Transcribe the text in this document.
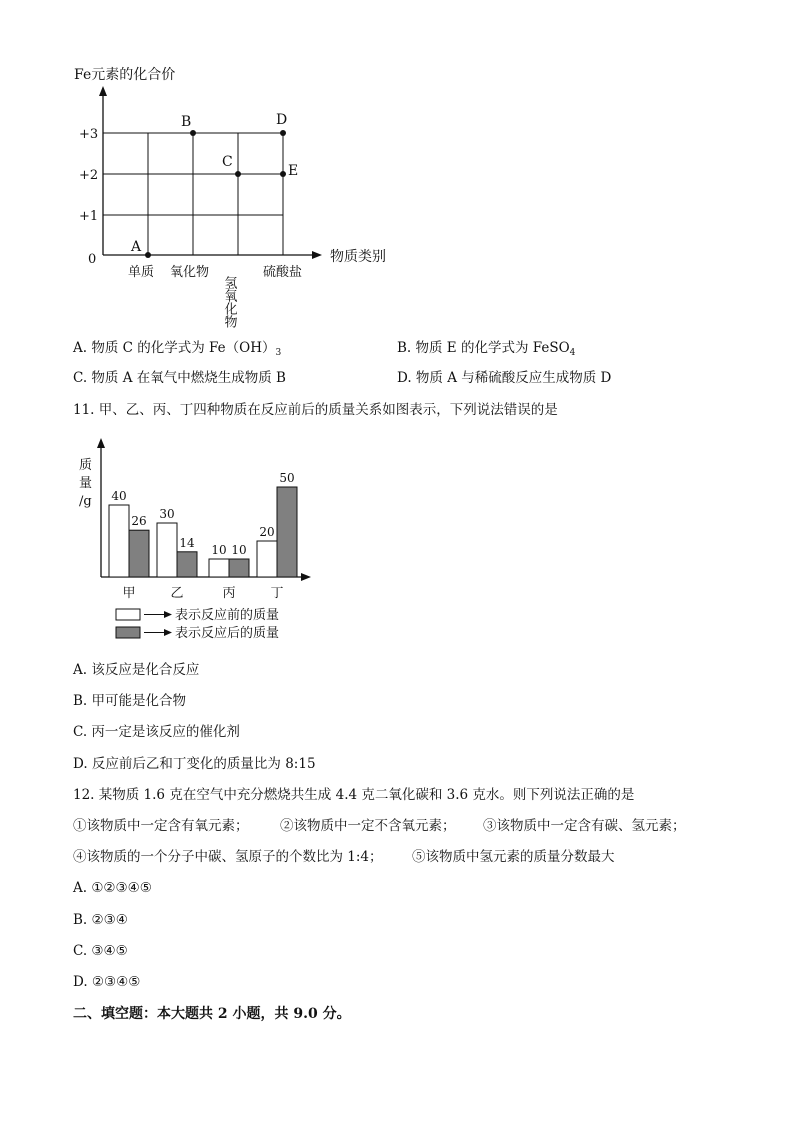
Fe元素的化合价
0
+1
+2
+3
单质 氧化物
氢氧化物
硫酸盐
物质类别
A
B
C
D
E
A. 物质 C 的化学式为 $Fe(OH)_3$	B. 物质 E 的化学式为 FeSO$_4$
C. 物质 A 在氧气中燃烧生成物质 B	D. 物质 A 与稀硫酸反应生成物质 D
11. 甲、乙、丙、丁四种物质在反应前后的质量关系如图表示，下列说法错误的是
质
量
/g 40
26
甲
30
14
乙
10 10
丙
20
50
丁
表示反应前的质量
表示反应后的质量
A. 该反应是化合反应
B. 甲可能是化合物
C. 丙一定是该反应的催化剂
D. 反应前后乙和丁变化的质量比为 8:15
12. 某物质 1.6 克在空气中充分燃烧共生成 4.4 克二氧化碳和 3.6 克水。则下列说法正确的是
①该物质中一定含有氧元素； ②该物质中一定不含氧元素； ③该物质中一定含有碳、氢元素；
④该物质的一个分子中碳、氢原子的个数比为 1:4； ⑤该物质中氢元素的质量分数最大
A. ①②③④⑤
B. ②③④
C. ③④⑤
D. ②③④⑤
二、填空题：本大题共 2 小题，共 9.0 分。
